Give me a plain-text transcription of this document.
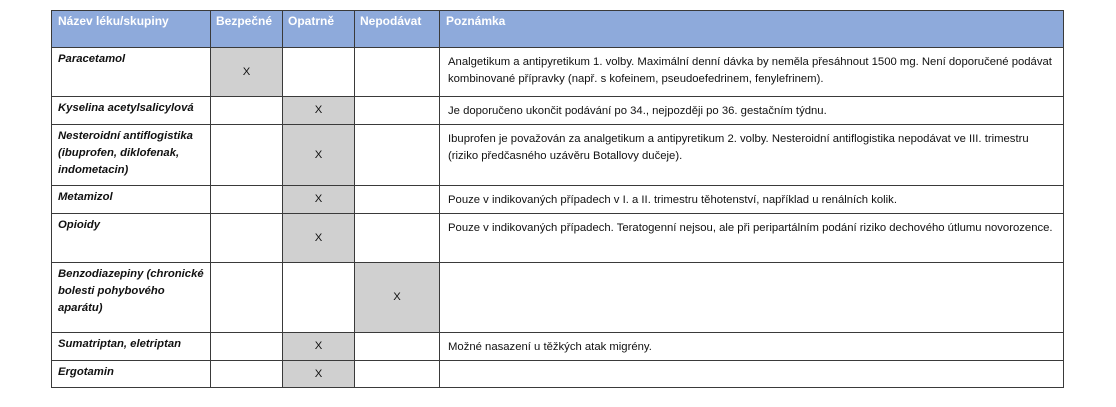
Název léku/skupiny	Bezpečné	Opatrně	Nepodávat	Poznámka
Paracetamol	X			Analgetikum a antipyretikum 1. volby. Maximální denní dávka by neměla přesáhnout 1500 mg. Není doporučené podávat kombinované přípravky (např. s kofeinem, pseudoefedrinem, fenylefrinem).
Kyselina acetylsalicylová		X		Je doporučeno ukončit podávání po 34., nejpozději po 36. gestačním týdnu.
Nesteroidní antiflogistika (ibuprofen, diklofenak, indometacin)		X		Ibuprofen je považován za analgetikum a antipyretikum 2. volby. Nesteroidní antiflogistika nepodávat ve III. trimestru (riziko předčasného uzávěru Botallovy dučeje).
Metamizol		X		Pouze v indikovaných případech v I. a II. trimestru těhotenství, například u renálních kolik.
Opioidy		X		Pouze v indikovaných případech. Teratogenní nejsou, ale při peripartálním podání riziko dechového útlumu novorozence.
Benzodiazepiny (chronické bolesti pohybového aparátu)			X	
Sumatriptan, eletriptan		X		Možné nasazení u těžkých atak migrény.
Ergotamin		X		
